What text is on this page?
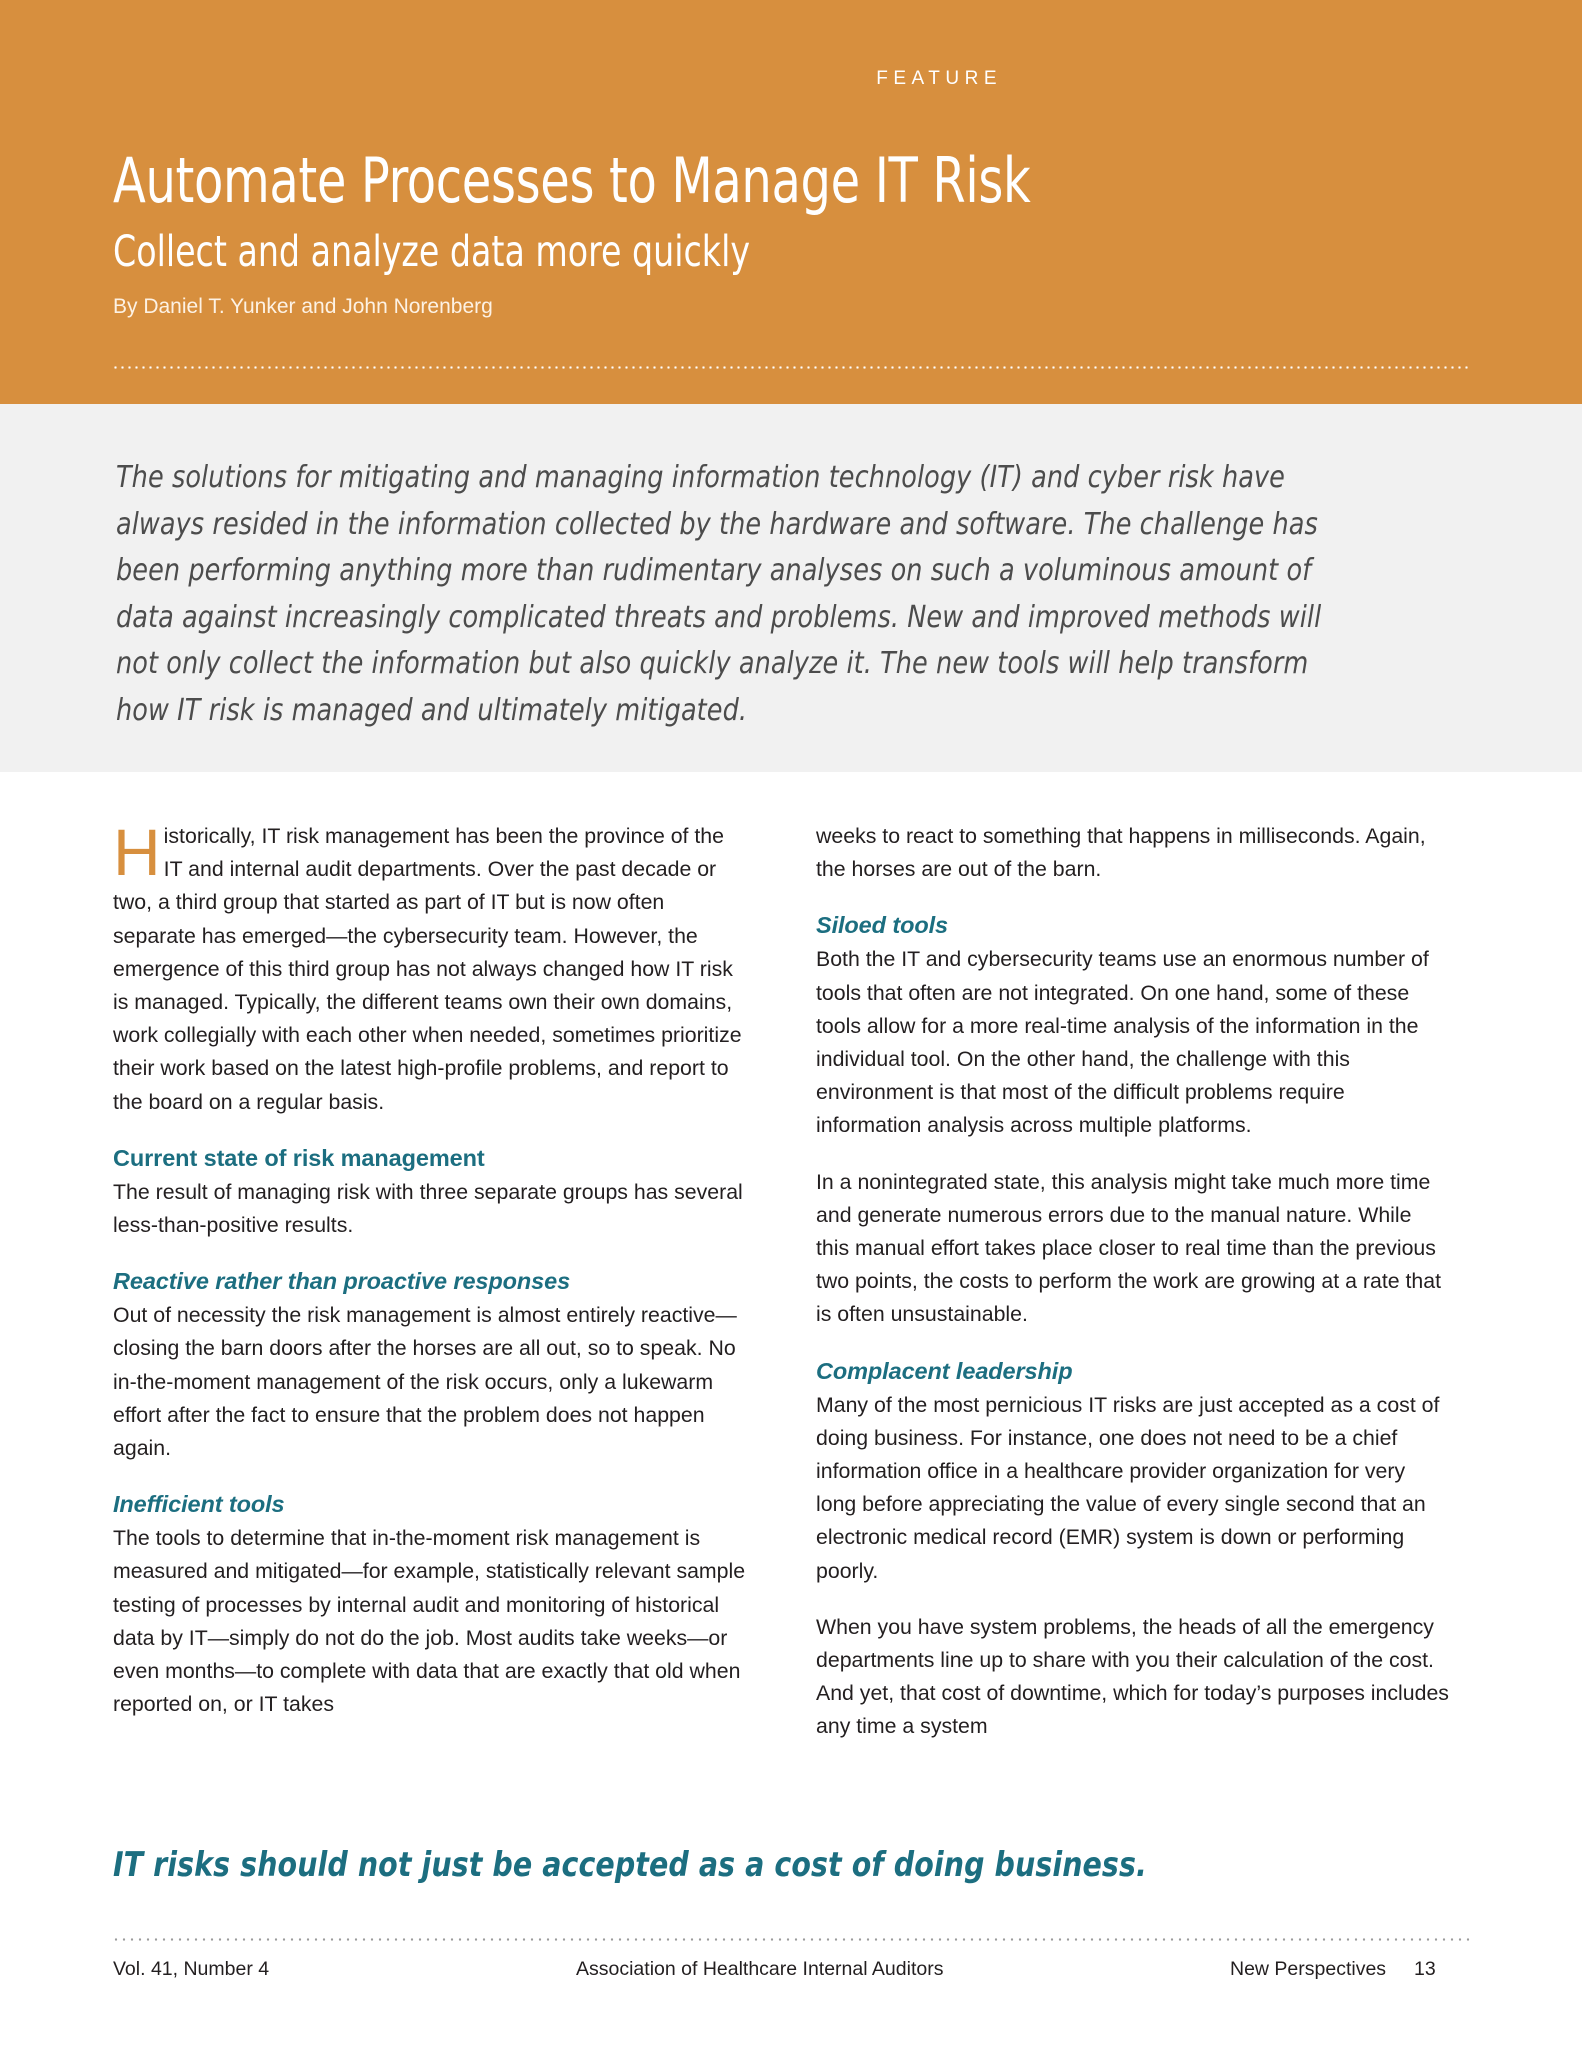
FEATURE
Automate Processes to Manage IT Risk
Collect and analyze data more quickly
By Daniel T. Yunker and John Norenberg
The solutions for mitigating and managing information technology (IT) and cyber risk have always resided in the information collected by the hardware and software. The challenge has been performing anything more than rudimentary analyses on such a voluminous amount of data against increasingly complicated threats and problems. New and improved methods will not only collect the information but also quickly analyze it. The new tools will help transform how IT risk is managed and ultimately mitigated.

Historically, IT risk management has been the province of the IT and internal audit departments. Over the past decade or two, a third group that started as part of IT but is now often separate has emerged—the cybersecurity team. However, the emergence of this third group has not always changed how IT risk is managed. Typically, the different teams own their own domains, work collegially with each other when needed, sometimes prioritize their work based on the latest high-profile problems, and report to the board on a regular basis.

Current state of risk management

The result of managing risk with three separate groups has several less-than-positive results.

Reactive rather than proactive responses

Out of necessity the risk management is almost entirely reactive—closing the barn doors after the horses are all out, so to speak. No in-the-moment management of the risk occurs, only a lukewarm effort after the fact to ensure that the problem does not happen again.

Inefficient tools

The tools to determine that in-the-moment risk management is measured and mitigated—for example, statistically relevant sample testing of processes by internal audit and monitoring of historical data by IT—simply do not do the job. Most audits take weeks—or even months—to complete with data that are exactly that old when reported on, or IT takes

weeks to react to something that happens in milliseconds. Again, the horses are out of the barn.

Siloed tools

Both the IT and cybersecurity teams use an enormous number of tools that often are not integrated. On one hand, some of these tools allow for a more real-time analysis of the information in the individual tool. On the other hand, the challenge with this environment is that most of the difficult problems require information analysis across multiple platforms.

In a nonintegrated state, this analysis might take much more time and generate numerous errors due to the manual nature. While this manual effort takes place closer to real time than the previous two points, the costs to perform the work are growing at a rate that is often unsustainable.

Complacent leadership

Many of the most pernicious IT risks are just accepted as a cost of doing business. For instance, one does not need to be a chief information office in a healthcare provider organization for very long before appreciating the value of every single second that an electronic medical record (EMR) system is down or performing poorly.

When you have system problems, the heads of all the emergency departments line up to share with you their calculation of the cost. And yet, that cost of downtime, which for today’s purposes includes any time a system

IT risks should not just be accepted as a cost of doing business.
Vol. 41, Number 4	Association of Healthcare Internal Auditors	New Perspectives 13
